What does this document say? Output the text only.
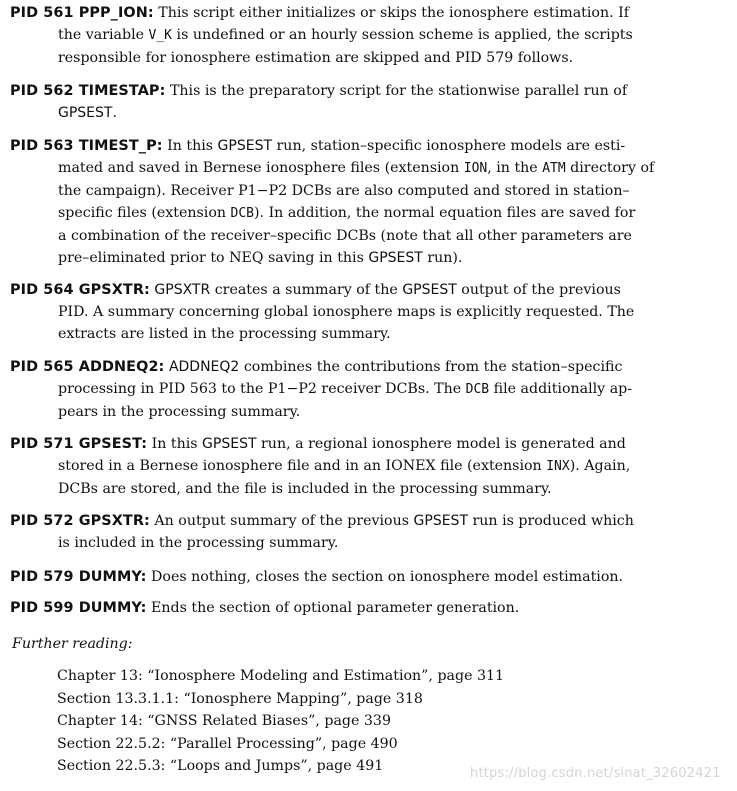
PID 561 PPP_ION: This script either initializes or skips the ionosphere estimation. If
the variable V_K is undefined or an hourly session scheme is applied, the scripts
responsible for ionosphere estimation are skipped and PID 579 follows.
PID 562 TIMESTAP: This is the preparatory script for the stationwise parallel run of
GPSEST.
PID 563 TIMEST_P: In this GPSEST run, station–specific ionosphere models are esti-
mated and saved in Bernese ionosphere files (extension ION, in the ATM directory of
the campaign). Receiver P1−P2 DCBs are also computed and stored in station–
specific files (extension DCB). In addition, the normal equation files are saved for
a combination of the receiver–specific DCBs (note that all other parameters are
pre–eliminated prior to NEQ saving in this GPSEST run).
PID 564 GPSXTR: GPSXTR creates a summary of the GPSEST output of the previous
PID. A summary concerning global ionosphere maps is explicitly requested. The
extracts are listed in the processing summary.
PID 565 ADDNEQ2: ADDNEQ2 combines the contributions from the station–specific
processing in PID 563 to the P1−P2 receiver DCBs. The DCB file additionally ap-
pears in the processing summary.
PID 571 GPSEST: In this GPSEST run, a regional ionosphere model is generated and
stored in a Bernese ionosphere file and in an IONEX file (extension INX). Again,
DCBs are stored, and the file is included in the processing summary.
PID 572 GPSXTR: An output summary of the previous GPSEST run is produced which
is included in the processing summary.
PID 579 DUMMY: Does nothing, closes the section on ionosphere model estimation.
PID 599 DUMMY: Ends the section of optional parameter generation.
Further reading:
Chapter 13: “Ionosphere Modeling and Estimation”, page 311
Section 13.3.1.1: “Ionosphere Mapping”, page 318
Chapter 14: “GNSS Related Biases”, page 339
Section 22.5.2: “Parallel Processing”, page 490
Section 22.5.3: “Loops and Jumps”, page 491	https://blog.csdn.net/sinat_32602421
